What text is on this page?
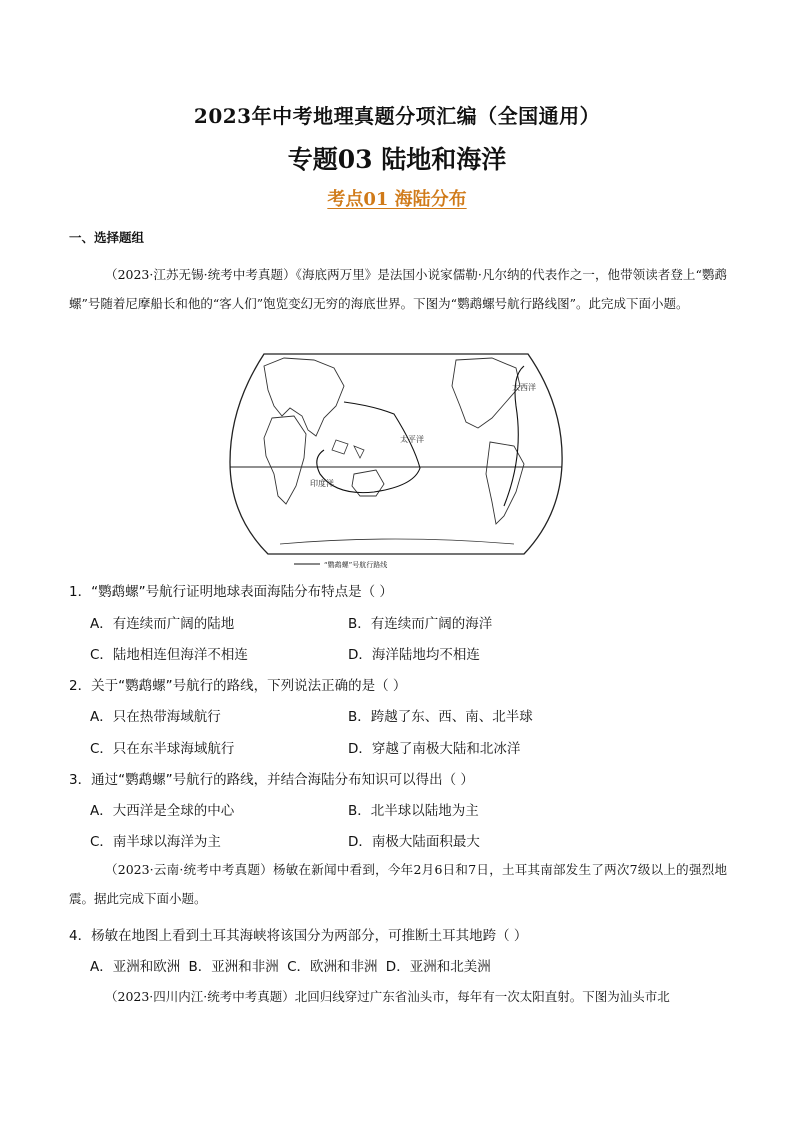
2023年中考地理真题分项汇编（全国通用）
专题03 陆地和海洋
考点01 海陆分布
一、选择题组
（2023·江苏无锡·统考中考真题）《海底两万里》是法国小说家儒勒·凡尔纳的代表作之一，他带领读者登上“鹦鹉螺”号随着尼摩船长和他的“客人们”饱览变幻无穷的海底世界。下图为“鹦鹉螺号航行路线图”。此完成下面小题。
太平洋
大西洋
印度洋
“鹦鹉螺”号航行路线
1．“鹦鹉螺”号航行证明地球表面海陆分布特点是（ ）
A．有连续而广阔的陆地	B．有连续而广阔的海洋
C．陆地相连但海洋不相连	D．海洋陆地均不相连
2．关于“鹦鹉螺”号航行的路线，下列说法正确的是（ ）
A．只在热带海域航行	B．跨越了东、西、南、北半球
C．只在东半球海域航行	D．穿越了南极大陆和北冰洋
3．通过“鹦鹉螺”号航行的路线，并结合海陆分布知识可以得出（ ）
A．大西洋是全球的中心	B．北半球以陆地为主
C．南半球以海洋为主	D．南极大陆面积最大
（2023·云南·统考中考真题）杨敏在新闻中看到，今年2月6日和7日，土耳其南部发生了两次7级以上的强烈地震。据此完成下面小题。
4．杨敏在地图上看到土耳其海峡将该国分为两部分，可推断土耳其地跨（ ）
A．亚洲和欧洲 B．亚洲和非洲 C．欧洲和非洲 D．亚洲和北美洲
（2023·四川内江·统考中考真题）北回归线穿过广东省汕头市，每年有一次太阳直射。下图为汕头市北
